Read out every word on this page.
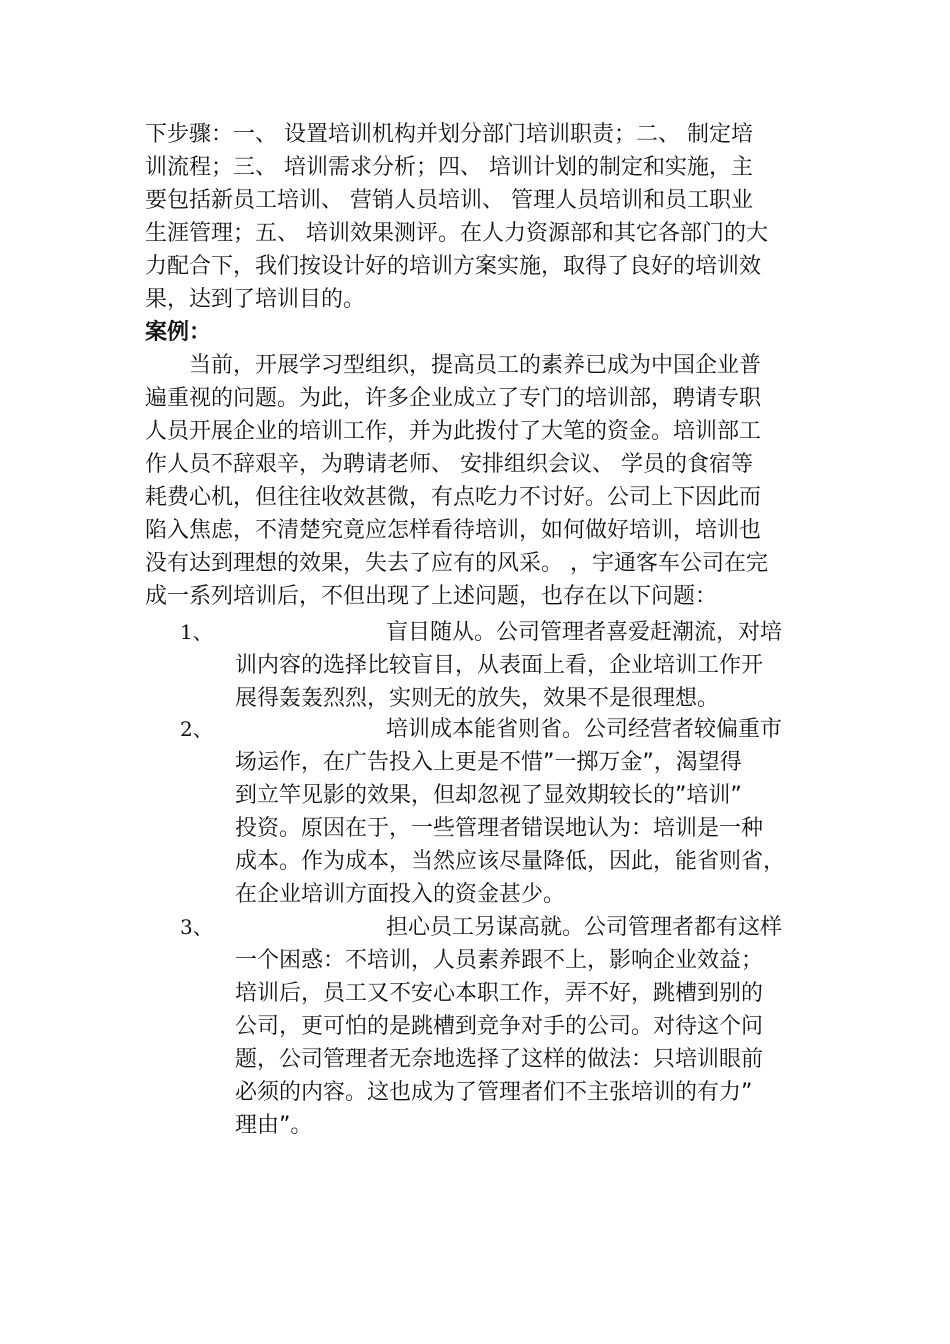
下步骤：一、 设置培训机构并划分部门培训职责；二、 制定培
训流程；三、 培训需求分析；四、 培训计划的制定和实施，主
要包括新员工培训、 营销人员培训、 管理人员培训和员工职业
生涯管理；五、 培训效果测评。在人力资源部和其它各部门的大
力配合下，我们按设计好的培训方案实施，取得了良好的培训效
果，达到了培训目的。
案例：
当前，开展学习型组织，提高员工的素养已成为中国企业普
遍重视的问题。为此，许多企业成立了专门的培训部，聘请专职
人员开展企业的培训工作，并为此拨付了大笔的资金。培训部工
作人员不辞艰辛，为聘请老师、 安排组织会议、 学员的食宿等
耗费心机，但往往收效甚微，有点吃力不讨好。公司上下因此而
陷入焦虑，不清楚究竟应怎样看待培训，如何做好培训，培训也
没有达到理想的效果，失去了应有的风采。 ，宇通客车公司在完
成一系列培训后，不但出现了上述问题，也存在以下问题：
1、	盲目随从。公司管理者喜爱赶潮流，对培
训内容的选择比较盲目，从表面上看，企业培训工作开
展得轰轰烈烈，实则无的放失，效果不是很理想。
2、	培训成本能省则省。公司经营者较偏重市
场运作，在广告投入上更是不惜”一掷万金”，渴望得
到立竿见影的效果，但却忽视了显效期较长的”培训”
投资。原因在于，一些管理者错误地认为：培训是一种
成本。作为成本，当然应该尽量降低，因此，能省则省，
在企业培训方面投入的资金甚少。
3、	担心员工另谋高就。公司管理者都有这样
一个困惑：不培训，人员素养跟不上，影响企业效益；
培训后，员工又不安心本职工作，弄不好，跳槽到别的
公司，更可怕的是跳槽到竞争对手的公司。对待这个问
题，公司管理者无奈地选择了这样的做法：只培训眼前
必须的内容。这也成为了管理者们不主张培训的有力”
理由”。
